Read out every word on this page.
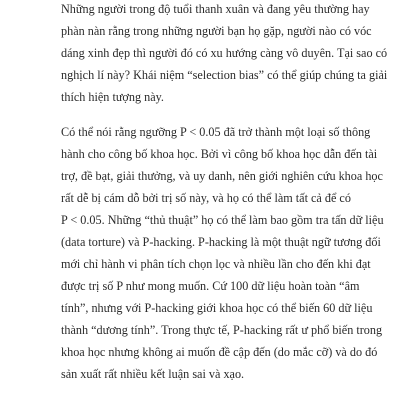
Những người trong độ tuổi thanh xuân và đang yêu thường hay
phàn nàn rằng trong những người bạn họ gặp, người nào có vóc
dáng xinh đẹp thì người đó có xu hướng càng vô duyên. Tại sao có
nghịch lí này? Khái niệm “selection bias” có thể giúp chúng ta giải
thích hiện tượng này.
Có thể nói rằng ngưỡng P < 0.05 đã trở thành một loại số thông
hành cho công bố khoa học. Bởi vì công bố khoa học dẫn đến tài
trợ, đề bạt, giải thưởng, và uy danh, nên giới nghiên cứu khoa học
rất dễ bị cám dỗ bởi trị số này, và họ có thể làm tất cả để có
P < 0.05. Những “thủ thuật” họ có thể làm bao gồm tra tấn dữ liệu
(data torture) và P-hacking. P-hacking là một thuật ngữ tương đối
mới chỉ hành vi phân tích chọn lọc và nhiều lần cho đến khi đạt
được trị số P như mong muốn. Cứ 100 dữ liệu hoàn toàn “âm
tính”, nhưng với P-hacking giới khoa học có thể biến 60 dữ liệu
thành “dương tính”. Trong thực tế, P-hacking rất ư phổ biến trong
khoa học nhưng không ai muốn đề cập đến (do mắc cỡ) và do đó
sản xuất rất nhiều kết luận sai và xạo.
